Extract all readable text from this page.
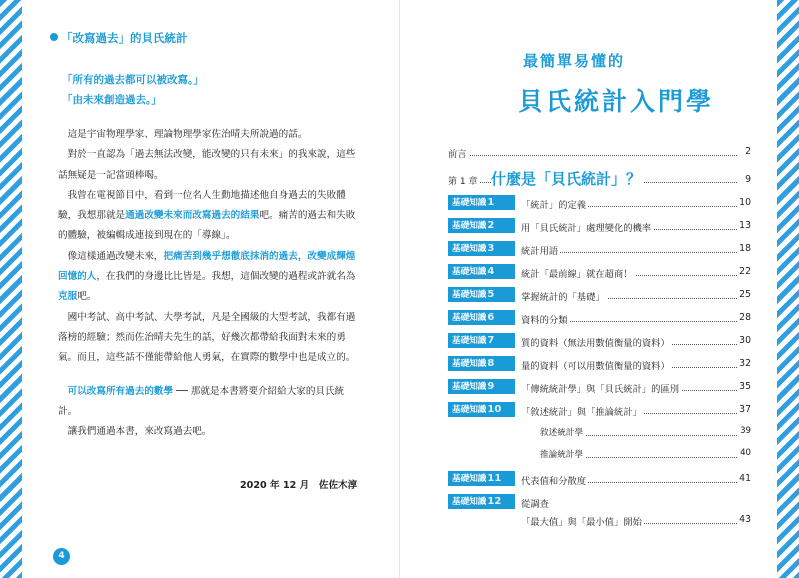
「改寫過去」的貝氏統計
「所有的過去都可以被改寫。」
「由未來創造過去。」

這是宇宙物理學家、理論物理學家佐治晴夫所說過的話。

對於一直認為「過去無法改變，能改變的只有未來」的我來說，這些話無疑是一記當頭棒喝。

我曾在電視節目中，看到一位名人生動地描述他自身過去的失敗體驗，我想那就是通過改變未來而改寫過去的結果吧。痛苦的過去和失敗的體驗，被編輯成連接到現在的「導線」。

像這樣通過改變未來，把痛苦到幾乎想徹底抹消的過去，改變成輝煌回憶的人，在我們的身邊比比皆是。我想，這個改變的過程或許就名為克服吧。

國中考試、高中考試、大學考試，凡是全國級的大型考試，我都有過落榜的經驗；然而佐治晴夫先生的話，好幾次都帶給我面對未來的勇氣。而且，這些話不僅能帶給他人勇氣，在實際的數學中也是成立的。

可以改寫所有過去的數學 ── 那就是本書將要介紹給大家的貝氏統計。

讓我們通過本書，來改寫過去吧。

2020 年 12 月　佐佐木淳
4
最簡單易懂的
貝氏統計入門學
前言	2
第 1 章 什麼是「貝氏統計」？	9
基礎知識1	「統計」的定義	10
基礎知識2	用「貝氏統計」處理變化的機率	13
基礎知識3	統計用語	18
基礎知識4	統計「最前線」就在超商！	22
基礎知識5	掌握統計的「基礎」	25
基礎知識6	資料的分類	28
基礎知識7	質的資料（無法用數值衡量的資料）	30
基礎知識8	量的資料（可以用數值衡量的資料）	32
基礎知識9	「傳統統計學」與「貝氏統計」的區別	35
基礎知識10	「敘述統計」與「推論統計」	37
敘述統計學	39
推論統計學	40
基礎知識11	代表值和分散度	41
基礎知識12	從調查
「最大值」與「最小值」開始	43
